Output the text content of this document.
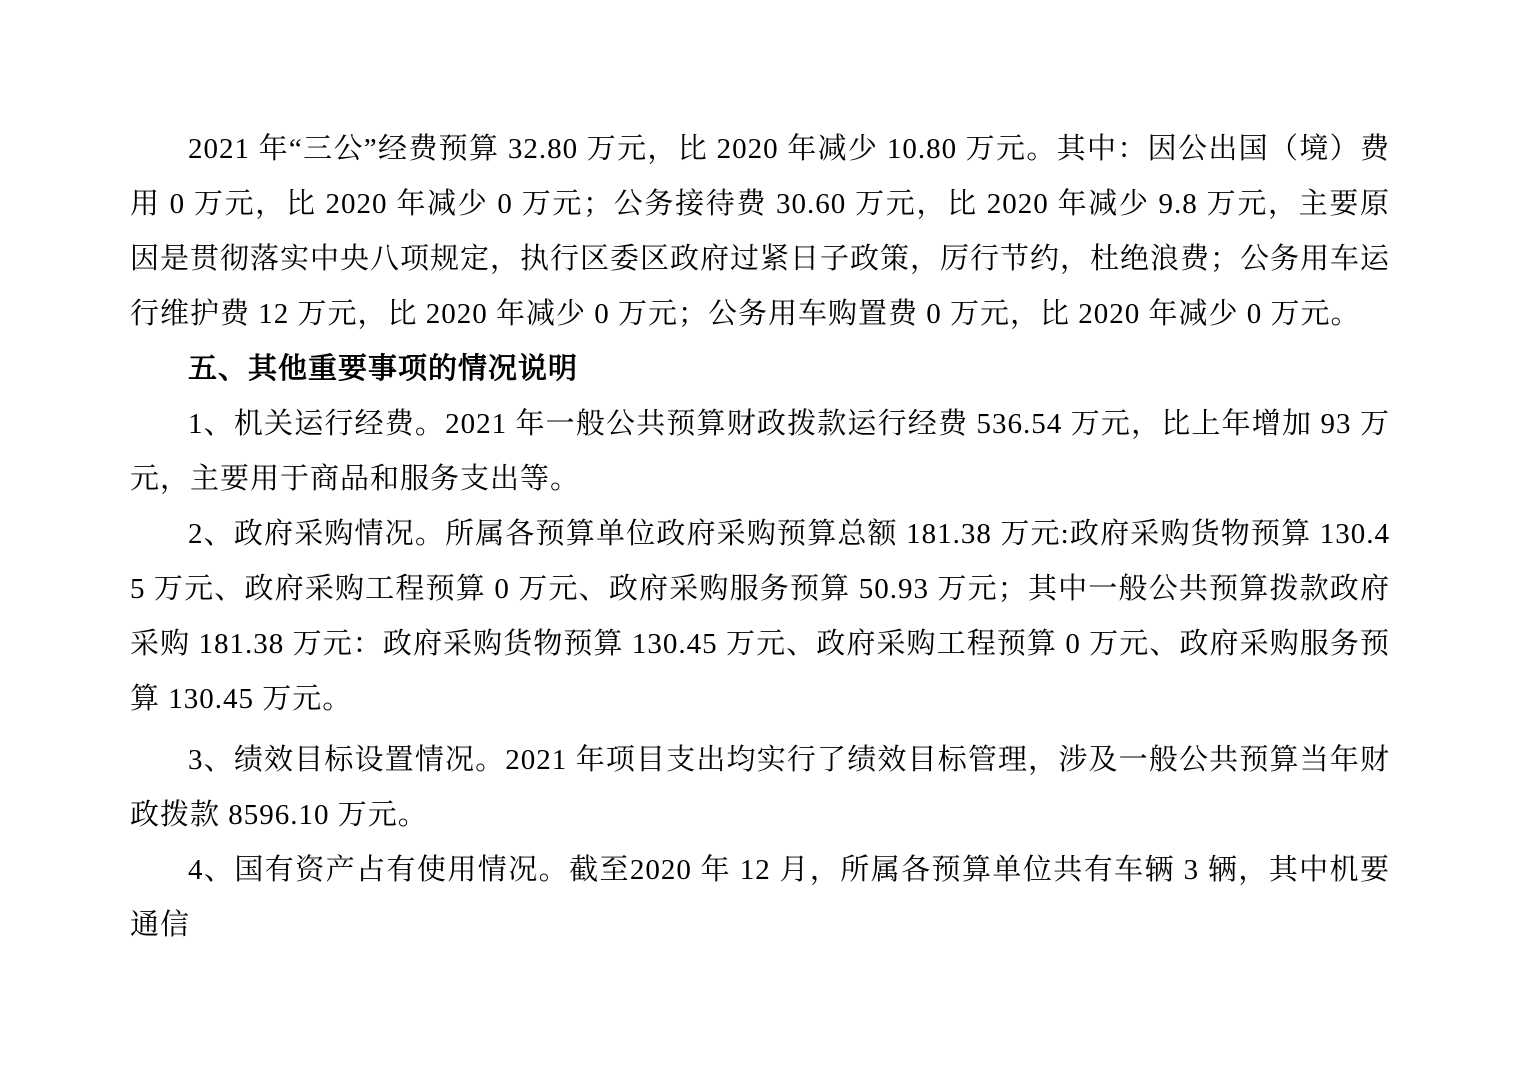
2021 年“三公”经费预算 32.80 万元，比 2020 年减少 10.80 万元。其中：因公出国（境）费用 0 万元，比 2020 年减少 0 万元；公务接待费 30.60 万元，比 2020 年减少 9.8 万元，主要原因是贯彻落实中央八项规定，执行区委区政府过紧日子政策，厉行节约，杜绝浪费；公务用车运行维护费 12 万元，比 2020 年减少 0 万元；公务用车购置费 0 万元，比 2020 年减少 0 万元。

五、其他重要事项的情况说明

1、机关运行经费。2021 年一般公共预算财政拨款运行经费 536.54 万元，比上年增加 93 万元，主要用于商品和服务支出等。

2、政府采购情况。所属各预算单位政府采购预算总额 181.38 万元:政府采购货物预算 130.45 万元、政府采购工程预算 0 万元、政府采购服务预算 50.93 万元；其中一般公共预算拨款政府采购 181.38 万元：政府采购货物预算 130.45 万元、政府采购工程预算 0 万元、政府采购服务预算 130.45 万元。

3、绩效目标设置情况。2021 年项目支出均实行了绩效目标管理，涉及一般公共预算当年财政拨款 8596.10 万元。

4、国有资产占有使用情况。截至2020 年 12 月，所属各预算单位共有车辆 3 辆，其中机要通信
